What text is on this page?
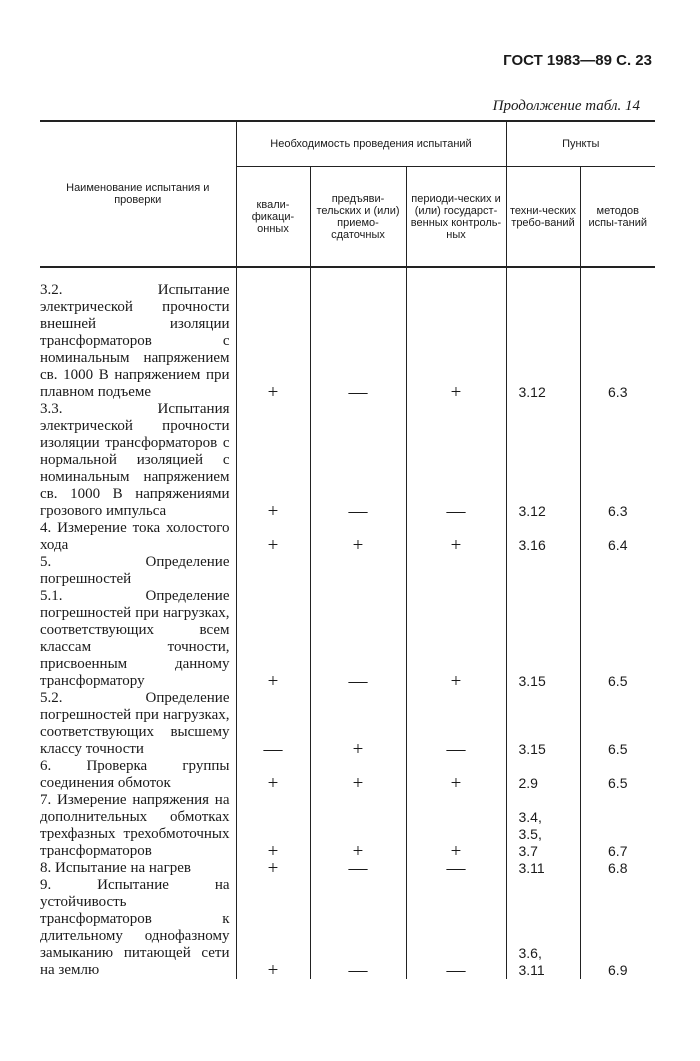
ГОСТ 1983—89 С. 23
Продолжение табл. 14
Наименование испытания и проверки	Необходимость проведения испытаний			Пункты	
	квали-фикаци-онных	предъяви-тельских и (или) приемо-сдаточных	периоди-ческих и (или) государст-венных контроль-ных	техни-ческих требо-ваний	методов испы-таний

3.2. Испытание электрической прочности внешней изоляции трансформаторов с номинальным напряжением св. 1000 В напряжением при плавном подъеме	+	—	+	3.12	6.3

3.3. Испытания электрической прочности изоляции трансформаторов с нормальной изоляцией с номинальным напряжением св. 1000 В напряжениями грозового импульса	+	—	—	3.12	6.3

4. Измерение тока холостого хода	+	+	+	3.16	6.4

5. Определение погрешностей					

5.1. Определение погрешностей при нагрузках, соответствующих всем классам точности, присвоенным данному трансформатору	+	—	+	3.15	6.5

5.2. Определение погрешностей при нагрузках, соответствующих высшему классу точности	—	+	—	3.15	6.5

6. Проверка группы соединения обмоток	+	+	+	2.9	6.5

7. Измерение напряжения на дополнительных обмотках трехфазных трехобмоточных трансформаторов	+	+	+	3.4,
3.5,
3.7	6.7

8. Испытание на нагрев	+	—	—	3.11	6.8

9. Испытание на устойчивость трансформаторов к длительному однофазному замыканию питающей сети на землю	+	—	—	3.6,
3.11	6.9
